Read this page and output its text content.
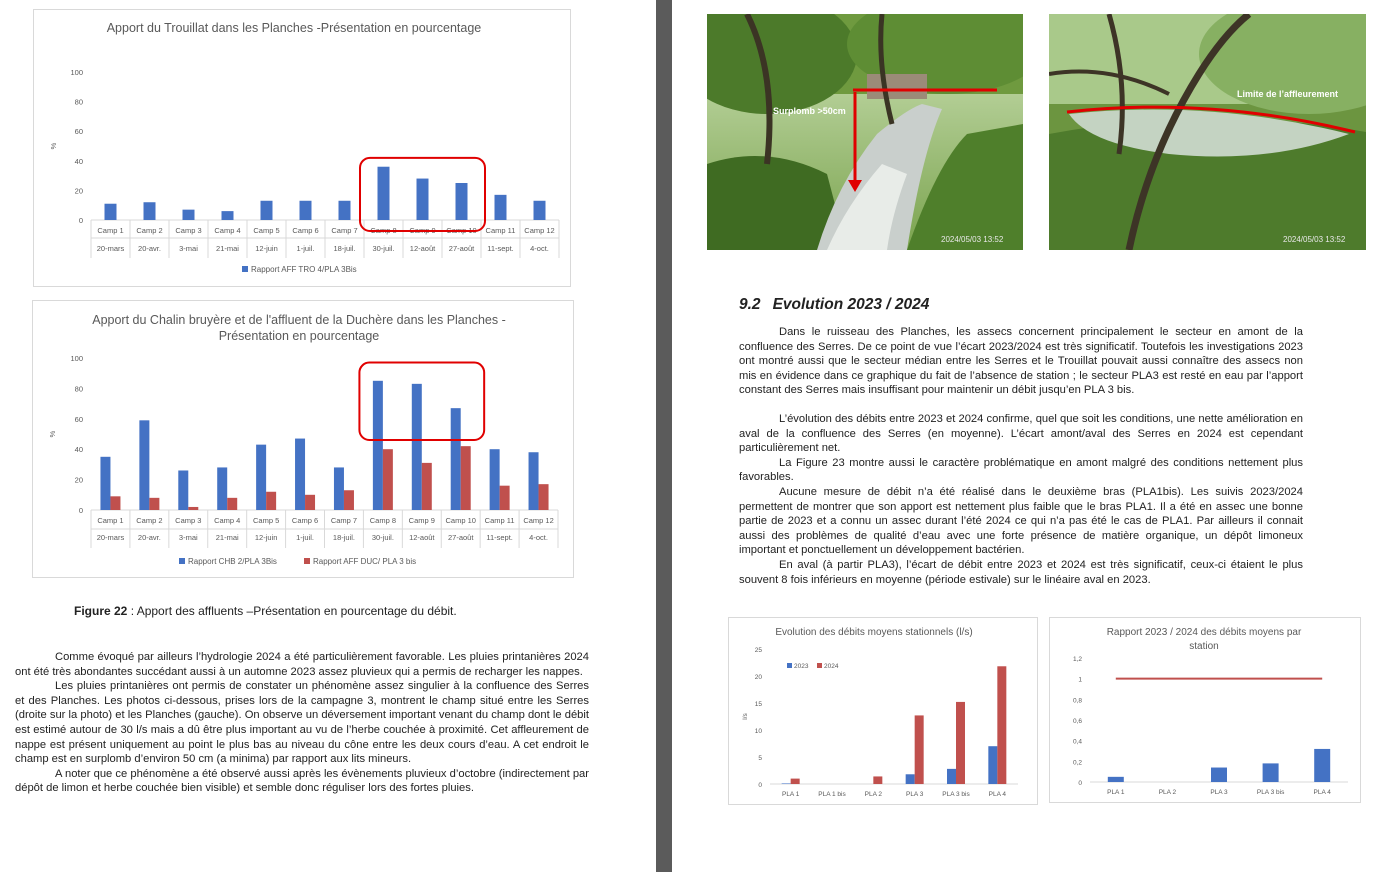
Apport du Trouillat dans les Planches -Présentation en pourcentage
0
20
40
60
80
100
%
Camp 1 Camp 2 Camp 3 Camp 4 Camp 5 Camp 6 Camp 7 Camp 8 Camp 9 Camp 10 Camp 11 Camp 12
20-mars 20-avr. 3-mai 21-mai 12-juin	1-juil.	18-juil. 30-juil. 12-août 27-août 11-sept. 4-oct.
Rapport AFF TRO 4/PLA 3Bis
Apport du Chalin bruyère et de l'affluent de la Duchère dans les Planches -
Présentation en pourcentage
0
20
40
60
80
100
%
Camp 1 Camp 2 Camp 3 Camp 4 Camp 5 Camp 6 Camp 7 Camp 8 Camp 9 Camp 10 Camp 11 Camp 12
20-mars 20-avr. 3-mai 21-mai 12-juin 1-juil.	18-juil. 30-juil. 12-août 27-août 11-sept. 4-oct.
Rapport CHB 2/PLA 3Bis	Rapport AFF DUC/ PLA 3 bis
Figure 22 : Apport des affluents –Présentation en pourcentage du débit.

Comme évoqué par ailleurs l’hydrologie 2024 a été particulièrement favorable. Les pluies printanières 2024 ont été très abondantes succédant aussi à un automne 2023 assez pluvieux qui a permis de recharger les nappes.

Les pluies printanières ont permis de constater un phénomène assez singulier à la confluence des Serres et des Planches. Les photos ci-dessous, prises lors de la campagne 3, montrent le champ situé entre les Serres (droite sur la photo) et les Planches (gauche). On observe un déversement important venant du champ dont le débit est estimé autour de 30 l/s mais a dû être plus important au vu de l’herbe couchée à proximité. Cet affleurement de nappe est présent uniquement au point le plus bas au niveau du cône entre les deux cours d’eau. A cet endroit le champ est en surplomb d’environ 50 cm (a minima) par rapport aux lits mineurs.

A noter que ce phénomène a été observé aussi après les évènements pluvieux d’octobre (indirectement par dépôt de limon et herbe couchée bien visible) et semble donc réguliser lors des fortes pluies.

Surplomb >50cm
2024/05/03 13:52
Limite de l’affleurement
2024/05/03 13:52
9.2 Evolution 2023 / 2024

Dans le ruisseau des Planches, les assecs concernent principalement le secteur en amont de la confluence des Serres. De ce point de vue l’écart 2023/2024 est très significatif. Toutefois les investigations 2023 ont montré aussi que le secteur médian entre les Serres et le Trouillat pouvait aussi connaître des assecs non mis en évidence dans ce graphique du fait de l’absence de station ; le secteur PLA3 est resté en eau par l’apport constant des Serres mais insuffisant pour maintenir un débit jusqu’en PLA 3 bis.

L’évolution des débits entre 2023 et 2024 confirme, quel que soit les conditions, une nette amélioration en aval de la confluence des Serres (en moyenne). L’écart amont/aval des Serres en 2024 est cependant particulièrement net.

La Figure 23 montre aussi le caractère problématique en amont malgré des conditions nettement plus favorables.

Aucune mesure de débit n’a été réalisé dans le deuxième bras (PLA1bis). Les suivis 2023/2024 permettent de montrer que son apport est nettement plus faible que le bras PLA1. Il a été en assec une bonne partie de 2023 et a connu un assec durant l’été 2024 ce qui n’a pas été le cas de PLA1. Par ailleurs il connait aussi des problèmes de qualité d’eau avec une forte présence de matière organique, un dépôt limoneux important et ponctuellement un développement bactérien.

En aval (à partir PLA3), l’écart de débit entre 2023 et 2024 est très significatif, ceux-ci étaient le plus souvent 8 fois inférieurs en moyenne (période estivale) sur le linéaire aval en 2023.

Evolution des débits moyens stationnels (l/s)
0
5
10
15
20
25
l/s
PLA 1	PLA 1 bis	PLA 2	PLA 3	PLA 3 bis	PLA 4
2023 2024
Rapport 2023 / 2024 des débits moyens par
station
0
0,2
0,4
0,6
0,8
1
1,2
PLA 1	PLA 2	PLA 3	PLA 3 bis	PLA 4
